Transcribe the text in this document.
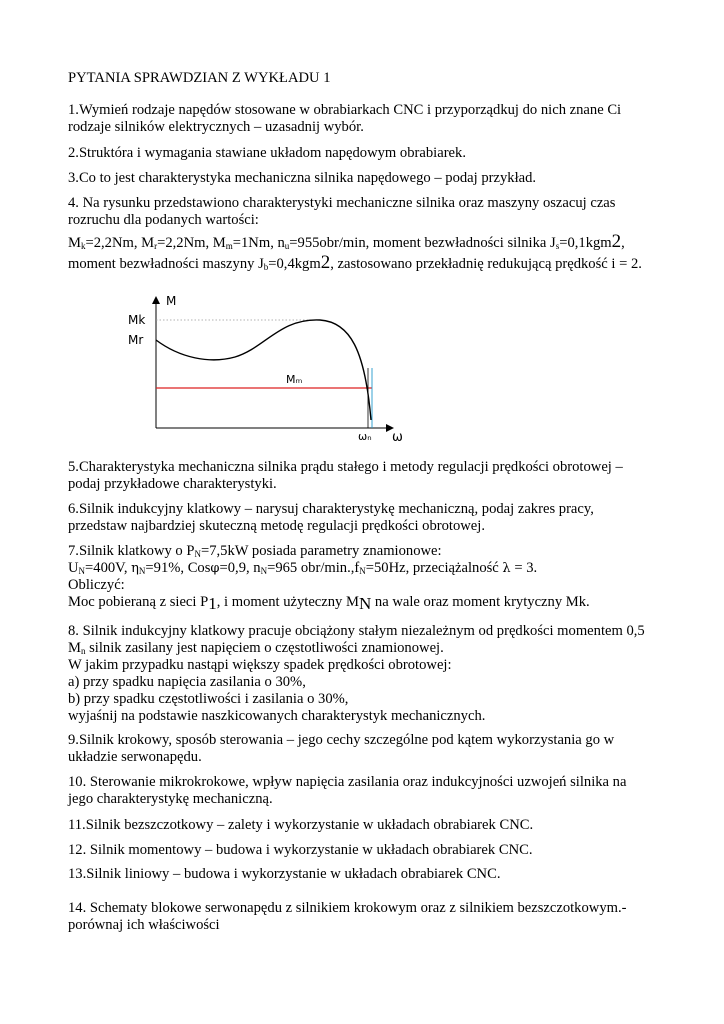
PYTANIA SPRAWDZIAN Z WYKŁADU 1
1.Wymień rodzaje napędów stosowane w obrabiarkach CNC i przyporządkuj do nich znane Ci
rodzaje silników elektrycznych – uzasadnij wybór.
2.Struktóra i wymagania stawiane układom napędowym obrabiarek.
3.Co to jest charakterystyka mechaniczna silnika napędowego – podaj przykład.
4. Na rysunku przedstawiono charakterystyki mechaniczne silnika oraz maszyny oszacuj czas
rozruchu dla podanych wartości:
$M_k=2,2Nm$, $M_r=2,2Nm$, $M_m=1Nm$, $n_u=955obr/\min$, moment bezwładności silnika $J_s=0,1kgm2$,
moment bezwładności maszyny $J_b=0,4kgm2$, zastosowano przekładnię redukującą prędkość i = 2.
M
Mk
Mr
Mₘ
ωₙ ω
5.Charakterystyka mechaniczna silnika prądu stałego i metody regulacji prędkości obrotowej –
podaj przykładowe charakterystyki.
6.Silnik indukcyjny klatkowy – narysuj charakterystykę mechaniczną, podaj zakres pracy,
przedstaw najbardziej skuteczną metodę regulacji prędkości obrotowej.
7.Silnik klatkowy o $P_N=7,5kW$ posiada parametry znamionowe:
$U_N=400V$, $\eta_N=91\%$, Cosφ=0,9, $n_N=965$ obr/$\min.,f_N=50Hz$, przeciążalność λ = 3.
Obliczyć:
Moc pobieraną z sieci P1, i moment użyteczny MN na wale oraz moment krytyczny Mk.
8. Silnik indukcyjny klatkowy pracuje obciążony stałym niezależnym od prędkości momentem 0,5
$M_n$ silnik zasilany jest napięciem o częstotliwości znamionowej.
W jakim przypadku nastąpi większy spadek prędkości obrotowej:
a) przy spadku napięcia zasilania o 30%,
b) przy spadku częstotliwości i zasilania o 30%,
wyjaśnij na podstawie naszkicowanych charakterystyk mechanicznych.
9.Silnik krokowy, sposób sterowania – jego cechy szczególne pod kątem wykorzystania go w
układzie serwonapędu.
10. Sterowanie mikrokrokowe, wpływ napięcia zasilania oraz indukcyjności uzwojeń silnika na
jego charakterystykę mechaniczną.
11.Silnik bezszczotkowy – zalety i wykorzystanie w układach obrabiarek CNC.
12. Silnik momentowy – budowa i wykorzystanie w układach obrabiarek CNC.
13.Silnik liniowy – budowa i wykorzystanie w układach obrabiarek CNC.
14. Schematy blokowe serwonapędu z silnikiem krokowym oraz z silnikiem bezszczotkowym.-
porównaj ich właściwości
